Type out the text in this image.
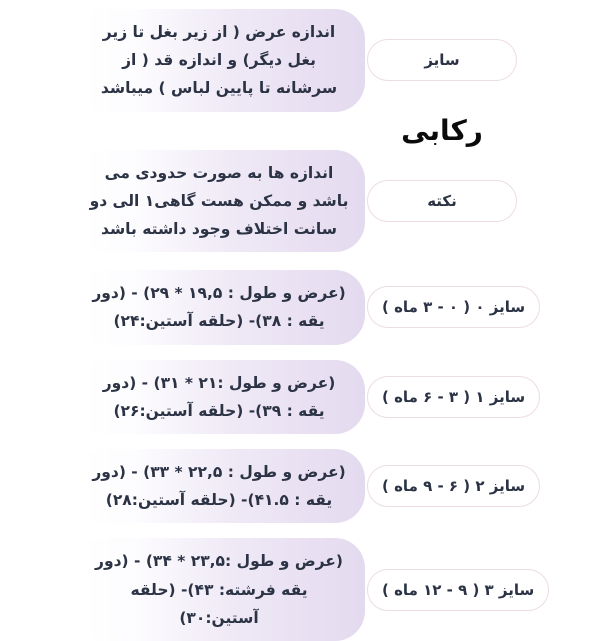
سایز
اندازه عرض ( از زیر بغل تا زیر بغل دیگر) و اندازه قد ( از سرشانه تا پایین لباس ) میباشد
رکابی
نکته
اندازه ها به صورت حدودی می باشد و ممکن هست گاهی۱ الی دو سانت اختلاف وجود داشته باشد
سایز ۰ ( ۰ - ۳ ماه )
(عرض و طول : ۱۹,۵ * ۲۹) - (دور یقه : ۳۸)- (حلقه آستین:۲۴)
سایز ۱ ( ۳ - ۶ ماه )
(عرض و طول :۲۱ * ۳۱) - (دور یقه : ۳۹)- (حلقه آستین:۲۶)
سایز ۲ ( ۶ - ۹ ماه )
(عرض و طول : ۲۲,۵ * ۳۳) - (دور یقه : ۴۱.۵)- (حلقه آستین:۲۸)
سایز ۳ ( ۹ - ۱۲ ماه )
(عرض و طول :۲۳,۵ * ۳۴) - (دور یقه فرشته: ۴۳)- (حلقه آستین:۳۰)
